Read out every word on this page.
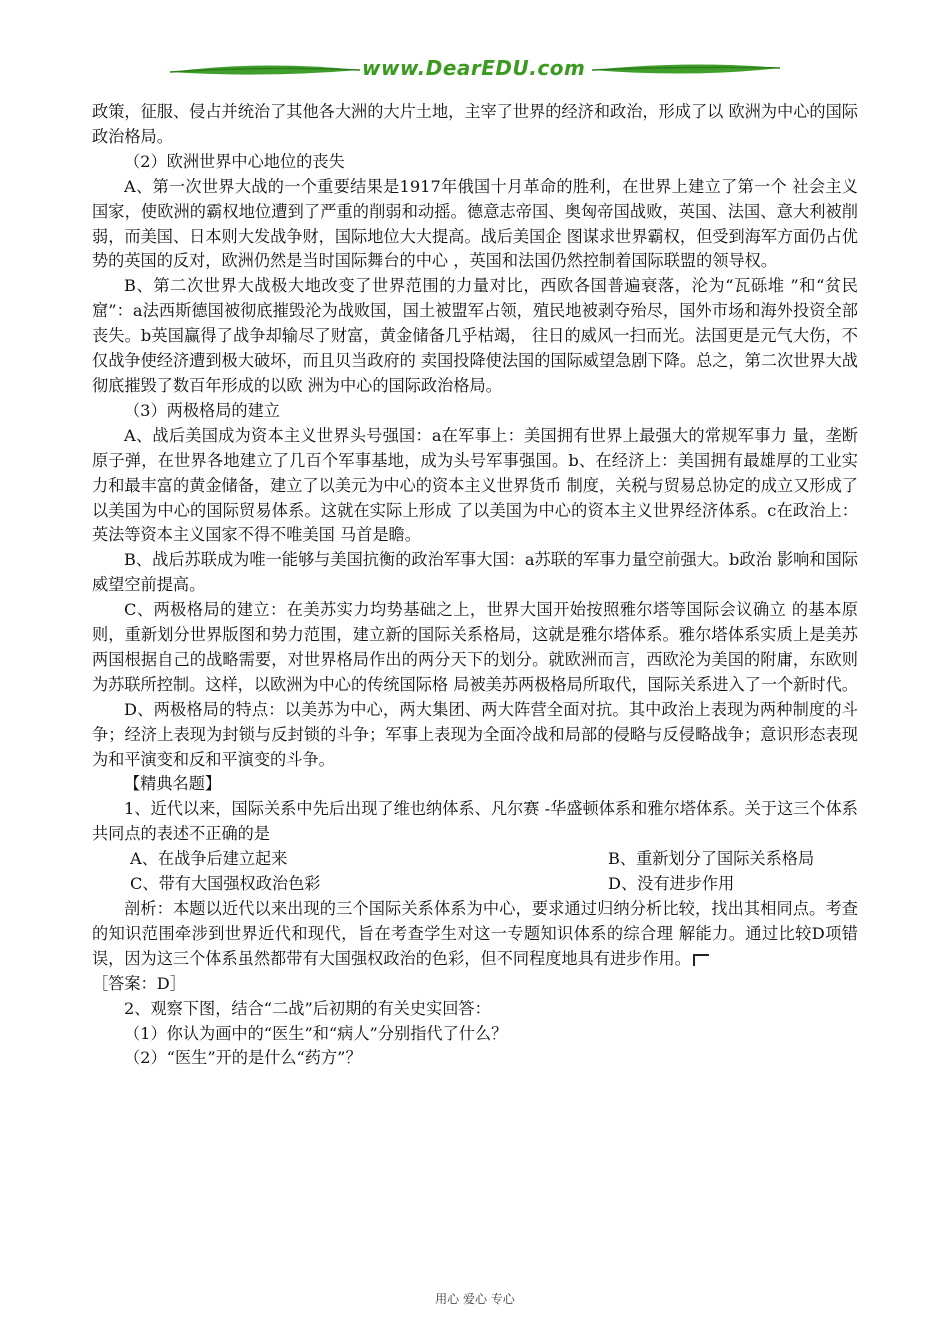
www.DearEDU.com

政策，征服、侵占并统治了其他各大洲的大片土地，主宰了世界的经济和政治，形成了以 欧洲为中心的国际政治格局。

（2）欧洲世界中心地位的丧失

A、第一次世界大战的一个重要结果是1917年俄国十月革命的胜利，在世界上建立了第一个 社会主义国家，使欧洲的霸权地位遭到了严重的削弱和动摇。德意志帝国、奥匈帝国战败，英国、法国、意大利被削弱，而美国、日本则大发战争财，国际地位大大提高。战后美国企 图谋求世界霸权，但受到海军方面仍占优势的英国的反对，欧洲仍然是当时国际舞台的中心 ，英国和法国仍然控制着国际联盟的领导权。

B、第二次世界大战极大地改变了世界范围的力量对比，西欧各国普遍衰落，沦为“瓦砾堆 ”和“贫民窟”：a法西斯德国被彻底摧毁沦为战败国，国土被盟军占领，殖民地被剥夺殆尽，国外市场和海外投资全部丧失。b英国赢得了战争却输尽了财富，黄金储备几乎枯竭， 往日的威风一扫而光。法国更是元气大伤，不仅战争使经济遭到极大破坏，而且贝当政府的 卖国投降使法国的国际威望急剧下降。总之，第二次世界大战彻底摧毁了数百年形成的以欧 洲为中心的国际政治格局。

（3）两极格局的建立

A、战后美国成为资本主义世界头号强国：a在军事上：美国拥有世界上最强大的常规军事力 量，垄断原子弹，在世界各地建立了几百个军事基地，成为头号军事强国。b、在经济上：美国拥有最雄厚的工业实力和最丰富的黄金储备，建立了以美元为中心的资本主义世界货币 制度，关税与贸易总协定的成立又形成了以美国为中心的国际贸易体系。这就在实际上形成 了以美国为中心的资本主义世界经济体系。c在政治上：英法等资本主义国家不得不唯美国 马首是瞻。

B、战后苏联成为唯一能够与美国抗衡的政治军事大国：a苏联的军事力量空前强大。b政治 影响和国际威望空前提高。

C、两极格局的建立：在美苏实力均势基础之上，世界大国开始按照雅尔塔等国际会议确立 的基本原则，重新划分世界版图和势力范围，建立新的国际关系格局，这就是雅尔塔体系。雅尔塔体系实质上是美苏两国根据自己的战略需要，对世界格局作出的两分天下的划分。就欧洲而言，西欧沦为美国的附庸，东欧则为苏联所控制。这样，以欧洲为中心的传统国际格 局被美苏两极格局所取代，国际关系进入了一个新时代。

D、两极格局的特点：以美苏为中心，两大集团、两大阵营全面对抗。其中政治上表现为两种制度的斗争；经济上表现为封锁与反封锁的斗争；军事上表现为全面冷战和局部的侵略与反侵略战争；意识形态表现为和平演变和反和平演变的斗争。

【精典名题】

1、近代以来，国际关系中先后出现了维也纳体系、凡尔赛 -华盛顿体系和雅尔塔体系。关于这三个体系共同点的表述不正确的是

A、在战争后建立起来	B、重新划分了国际关系格局
C、带有大国强权政治色彩	D、没有进步作用

剖析：本题以近代以来出现的三个国际关系体系为中心，要求通过归纳分析比较，找出其相同点。考查的知识范围牵涉到世界近代和现代，旨在考查学生对这一专题知识体系的综合理 解能力。通过比较D项错误，因为这三个体系虽然都带有大国强权政治的色彩，但不同程度地具有进步作用。

［答案：D］

2、观察下图，结合“二战”后初期的有关史实回答：

（1）你认为画中的“医生”和“病人”分别指代了什么？

（2）“医生”开的是什么“药方”？

用心 爱心 专心
